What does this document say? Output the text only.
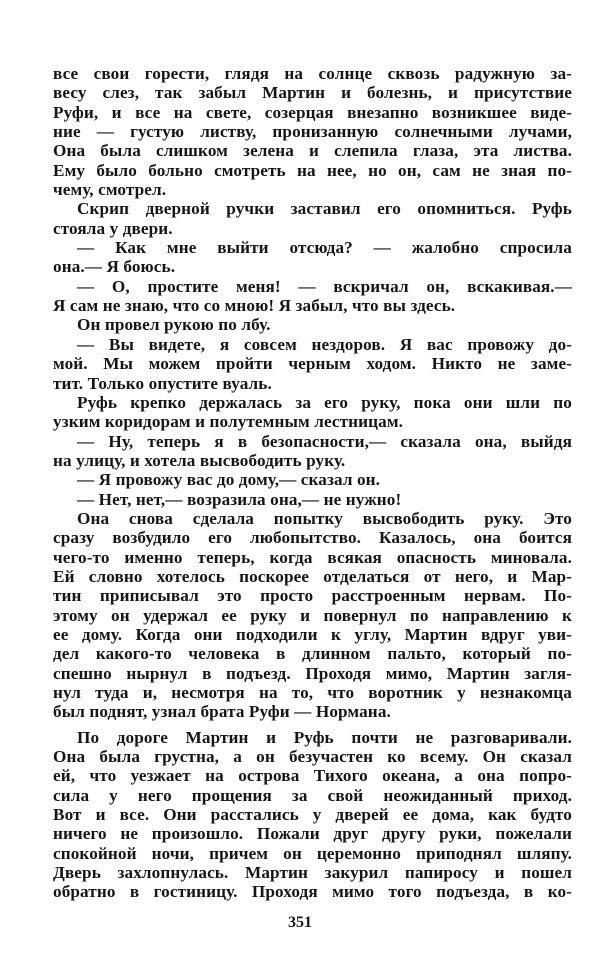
все свои горести, глядя на солнце сквозь радужную за-
весу слез, так забыл Мартин и болезнь, и присутствие
Руфи, и все на свете, созерцая внезапно возникшее виде-
ние — густую листву, пронизанную солнечными лучами,
Она была слишком зелена и слепила глаза, эта листва.
Ему было больно смотреть на нее, но он, сам не зная по-
чему, смотрел.
Скрип дверной ручки заставил его опомниться. Руфь
стояла у двери.
— Как мне выйти отсюда? — жалобно спросила
она.— Я боюсь.
— О, простите меня! — вскричал он, вскакивая.—
Я сам не знаю, что со мною! Я забыл, что вы здесь.
Он провел рукою по лбу.
— Вы видете, я совсем нездоров. Я вас провожу до-
мой. Мы можем пройти черным ходом. Никто не заме-
тит. Только опустите вуаль.
Руфь крепко держалась за его руку, пока они шли по
узким коридорам и полутемным лестницам.
— Ну, теперь я в безопасности,— сказала она, выйдя
на улицу, и хотела высвободить руку.
— Я провожу вас до дому,— сказал он.
— Нет, нет,— возразила она,— не нужно!
Она снова сделала попытку высвободить руку. Это
сразу возбудило его любопытство. Казалось, она боится
чего-то именно теперь, когда всякая опасность миновала.
Ей словно хотелось поскорее отделаться от него, и Мар-
тин приписывал это просто расстроенным нервам. По-
этому он удержал ее руку и повернул по направлению к
ее дому. Когда они подходили к углу, Мартин вдруг уви-
дел какого-то человека в длинном пальто, который по-
спешно нырнул в подъезд. Проходя мимо, Мартин загля-
нул туда и, несмотря на то, что воротник у незнакомца
был поднят, узнал брата Руфи — Нормана.
По дороге Мартин и Руфь почти не разговаривали.
Она была грустна, а он безучастен ко всему. Он сказал
ей, что уезжает на острова Тихого океана, а она попро-
сила у него прощения за свой неожиданный приход.
Вот и все. Они расстались у дверей ее дома, как будто
ничего не произошло. Пожали друг другу руки, пожелали
спокойной ночи, причем он церемонно приподнял шляпу.
Дверь захлопнулась. Мартин закурил папиросу и пошел
обратно в гостиницу. Проходя мимо того подъезда, в ко-
351
